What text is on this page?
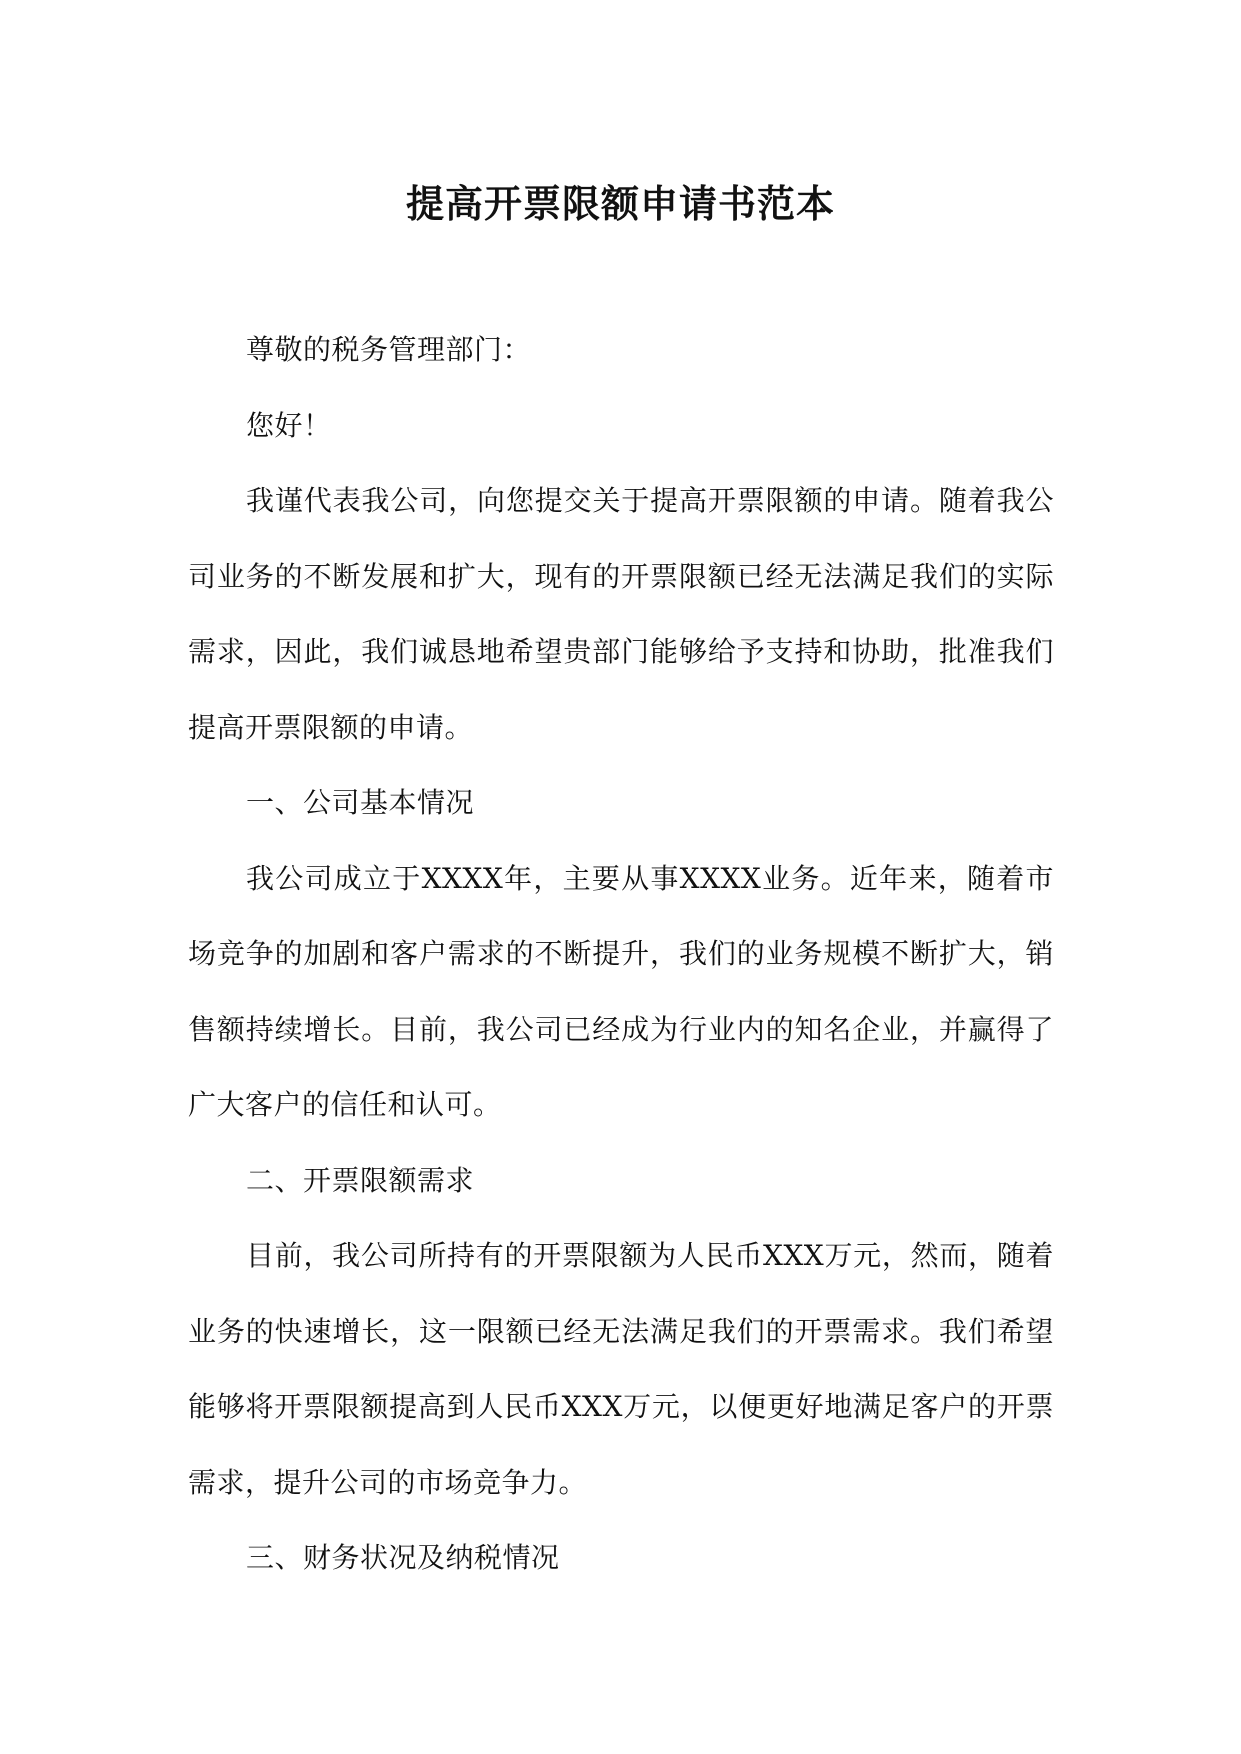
提高开票限额申请书范本

尊敬的税务管理部门：

您好！

我谨代表我公司，向您提交关于提高开票限额的申请。随着我公司业务的不断发展和扩大，现有的开票限额已经无法满足我们的实际需求，因此，我们诚恳地希望贵部门能够给予支持和协助，批准我们提高开票限额的申请。

一、公司基本情况

我公司成立于XXXX年，主要从事XXXX业务。近年来，随着市场竞争的加剧和客户需求的不断提升，我们的业务规模不断扩大，销售额持续增长。目前，我公司已经成为行业内的知名企业，并赢得了广大客户的信任和认可。

二、开票限额需求

目前，我公司所持有的开票限额为人民币XXX万元，然而，随着业务的快速增长，这一限额已经无法满足我们的开票需求。我们希望能够将开票限额提高到人民币XXX万元，以便更好地满足客户的开票需求，提升公司的市场竞争力。

三、财务状况及纳税情况
